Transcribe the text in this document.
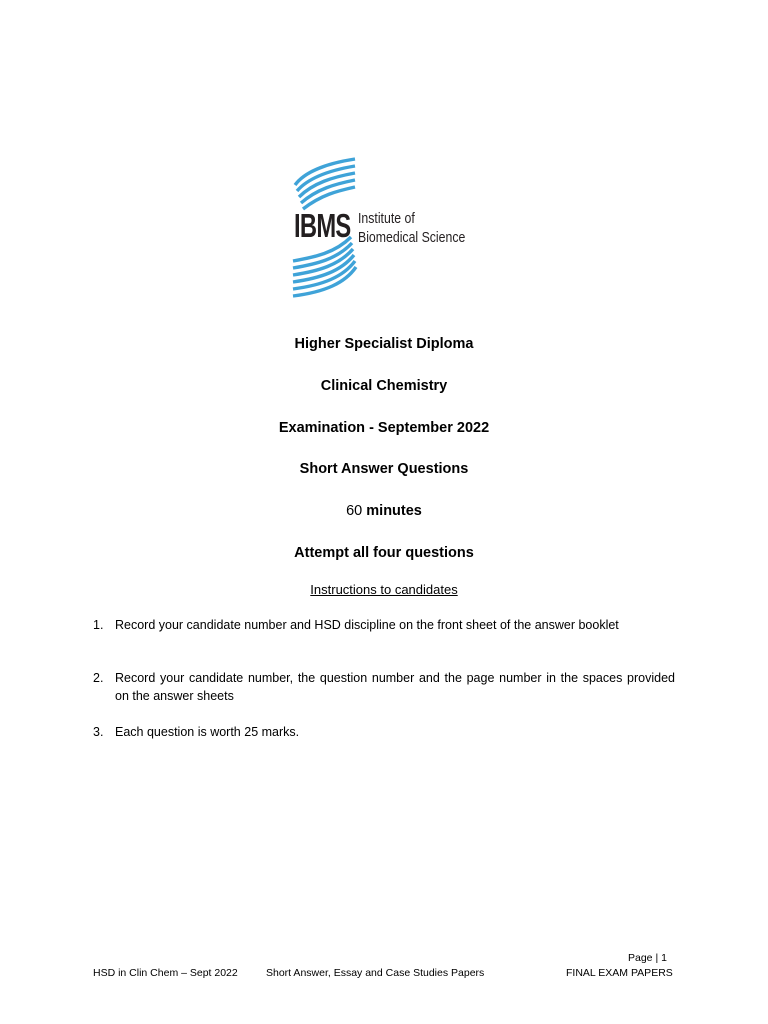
IBMS Institute of
Biomedical Science
Higher Specialist Diploma
Clinical Chemistry
Examination - September 2022
Short Answer Questions
60 minutes
Attempt all four questions
Instructions to candidates
1. Record your candidate number and HSD discipline on the front sheet of the answer booklet
2. Record your candidate number, the question number and the page number in the spaces provided on the answer sheets
3. Each question is worth 25 marks.
Page | 1
HSD in Clin Chem – Sept 2022	Short Answer, Essay and Case Studies Papers	FINAL EXAM PAPERS
